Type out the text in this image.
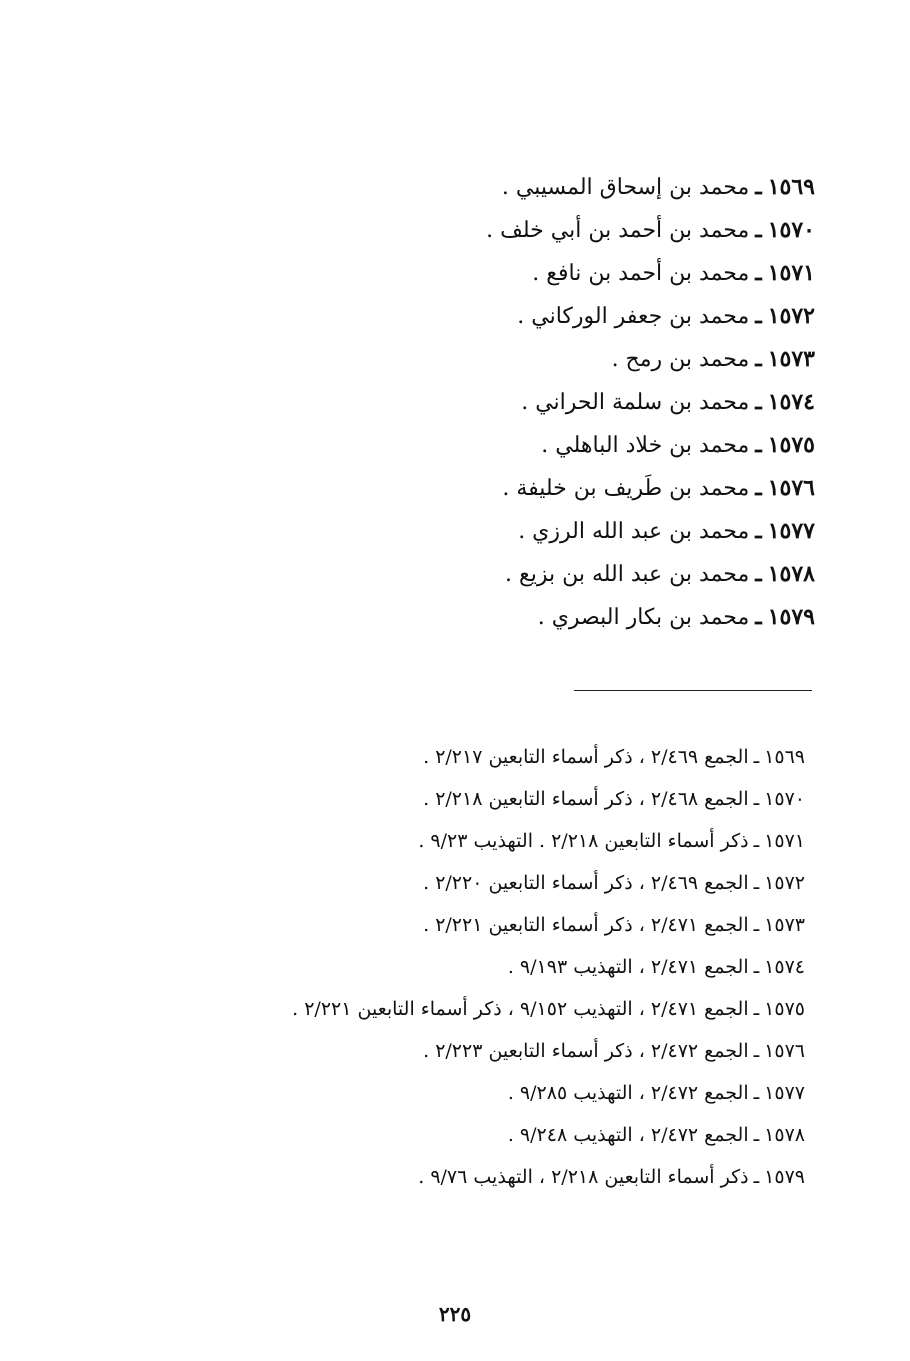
١٥٦٩ـمحمد بن إسحاق المسيبي .
١٥٧٠ـمحمد بن أحمد بن أبي خلف .
١٥٧١ـمحمد بن أحمد بن نافع .
١٥٧٢ـمحمد بن جعفر الوركاني .
١٥٧٣ـمحمد بن رمح .
١٥٧٤ـمحمد بن سلمة الحراني .
١٥٧٥ـمحمد بن خلاد الباهلي .
١٥٧٦ـمحمد بن طَريف بن خليفة .
١٥٧٧ـمحمد بن عبد الله الرزي .
١٥٧٨ـمحمد بن عبد الله بن بزيع .
١٥٧٩ـمحمد بن بكار البصري .
١٥٦٩ـالجمع ٢/٤٦٩ ، ذكر أسماء التابعين ٢/٢١٧ .
١٥٧٠ـالجمع ٢/٤٦٨ ، ذكر أسماء التابعين ٢/٢١٨ .
١٥٧١ـذكر أسماء التابعين ٢/٢١٨ . التهذيب ٩/٢٣ .
١٥٧٢ـالجمع ٢/٤٦٩ ، ذكر أسماء التابعين ٢/٢٢٠ .
١٥٧٣ـالجمع ٢/٤٧١ ، ذكر أسماء التابعين ٢/٢٢١ .
١٥٧٤ـالجمع ٢/٤٧١ ، التهذيب ٩/١٩٣ .
١٥٧٥ـالجمع ٢/٤٧١ ، التهذيب ٩/١٥٢ ، ذكر أسماء التابعين ٢/٢٢١ .
١٥٧٦ـالجمع ٢/٤٧٢ ، ذكر أسماء التابعين ٢/٢٢٣ .
١٥٧٧ـالجمع ٢/٤٧٢ ، التهذيب ٩/٢٨٥ .
١٥٧٨ـالجمع ٢/٤٧٢ ، التهذيب ٩/٢٤٨ .
١٥٧٩ـذكر أسماء التابعين ٢/٢١٨ ، التهذيب ٩/٧٦ .
٢٢٥
